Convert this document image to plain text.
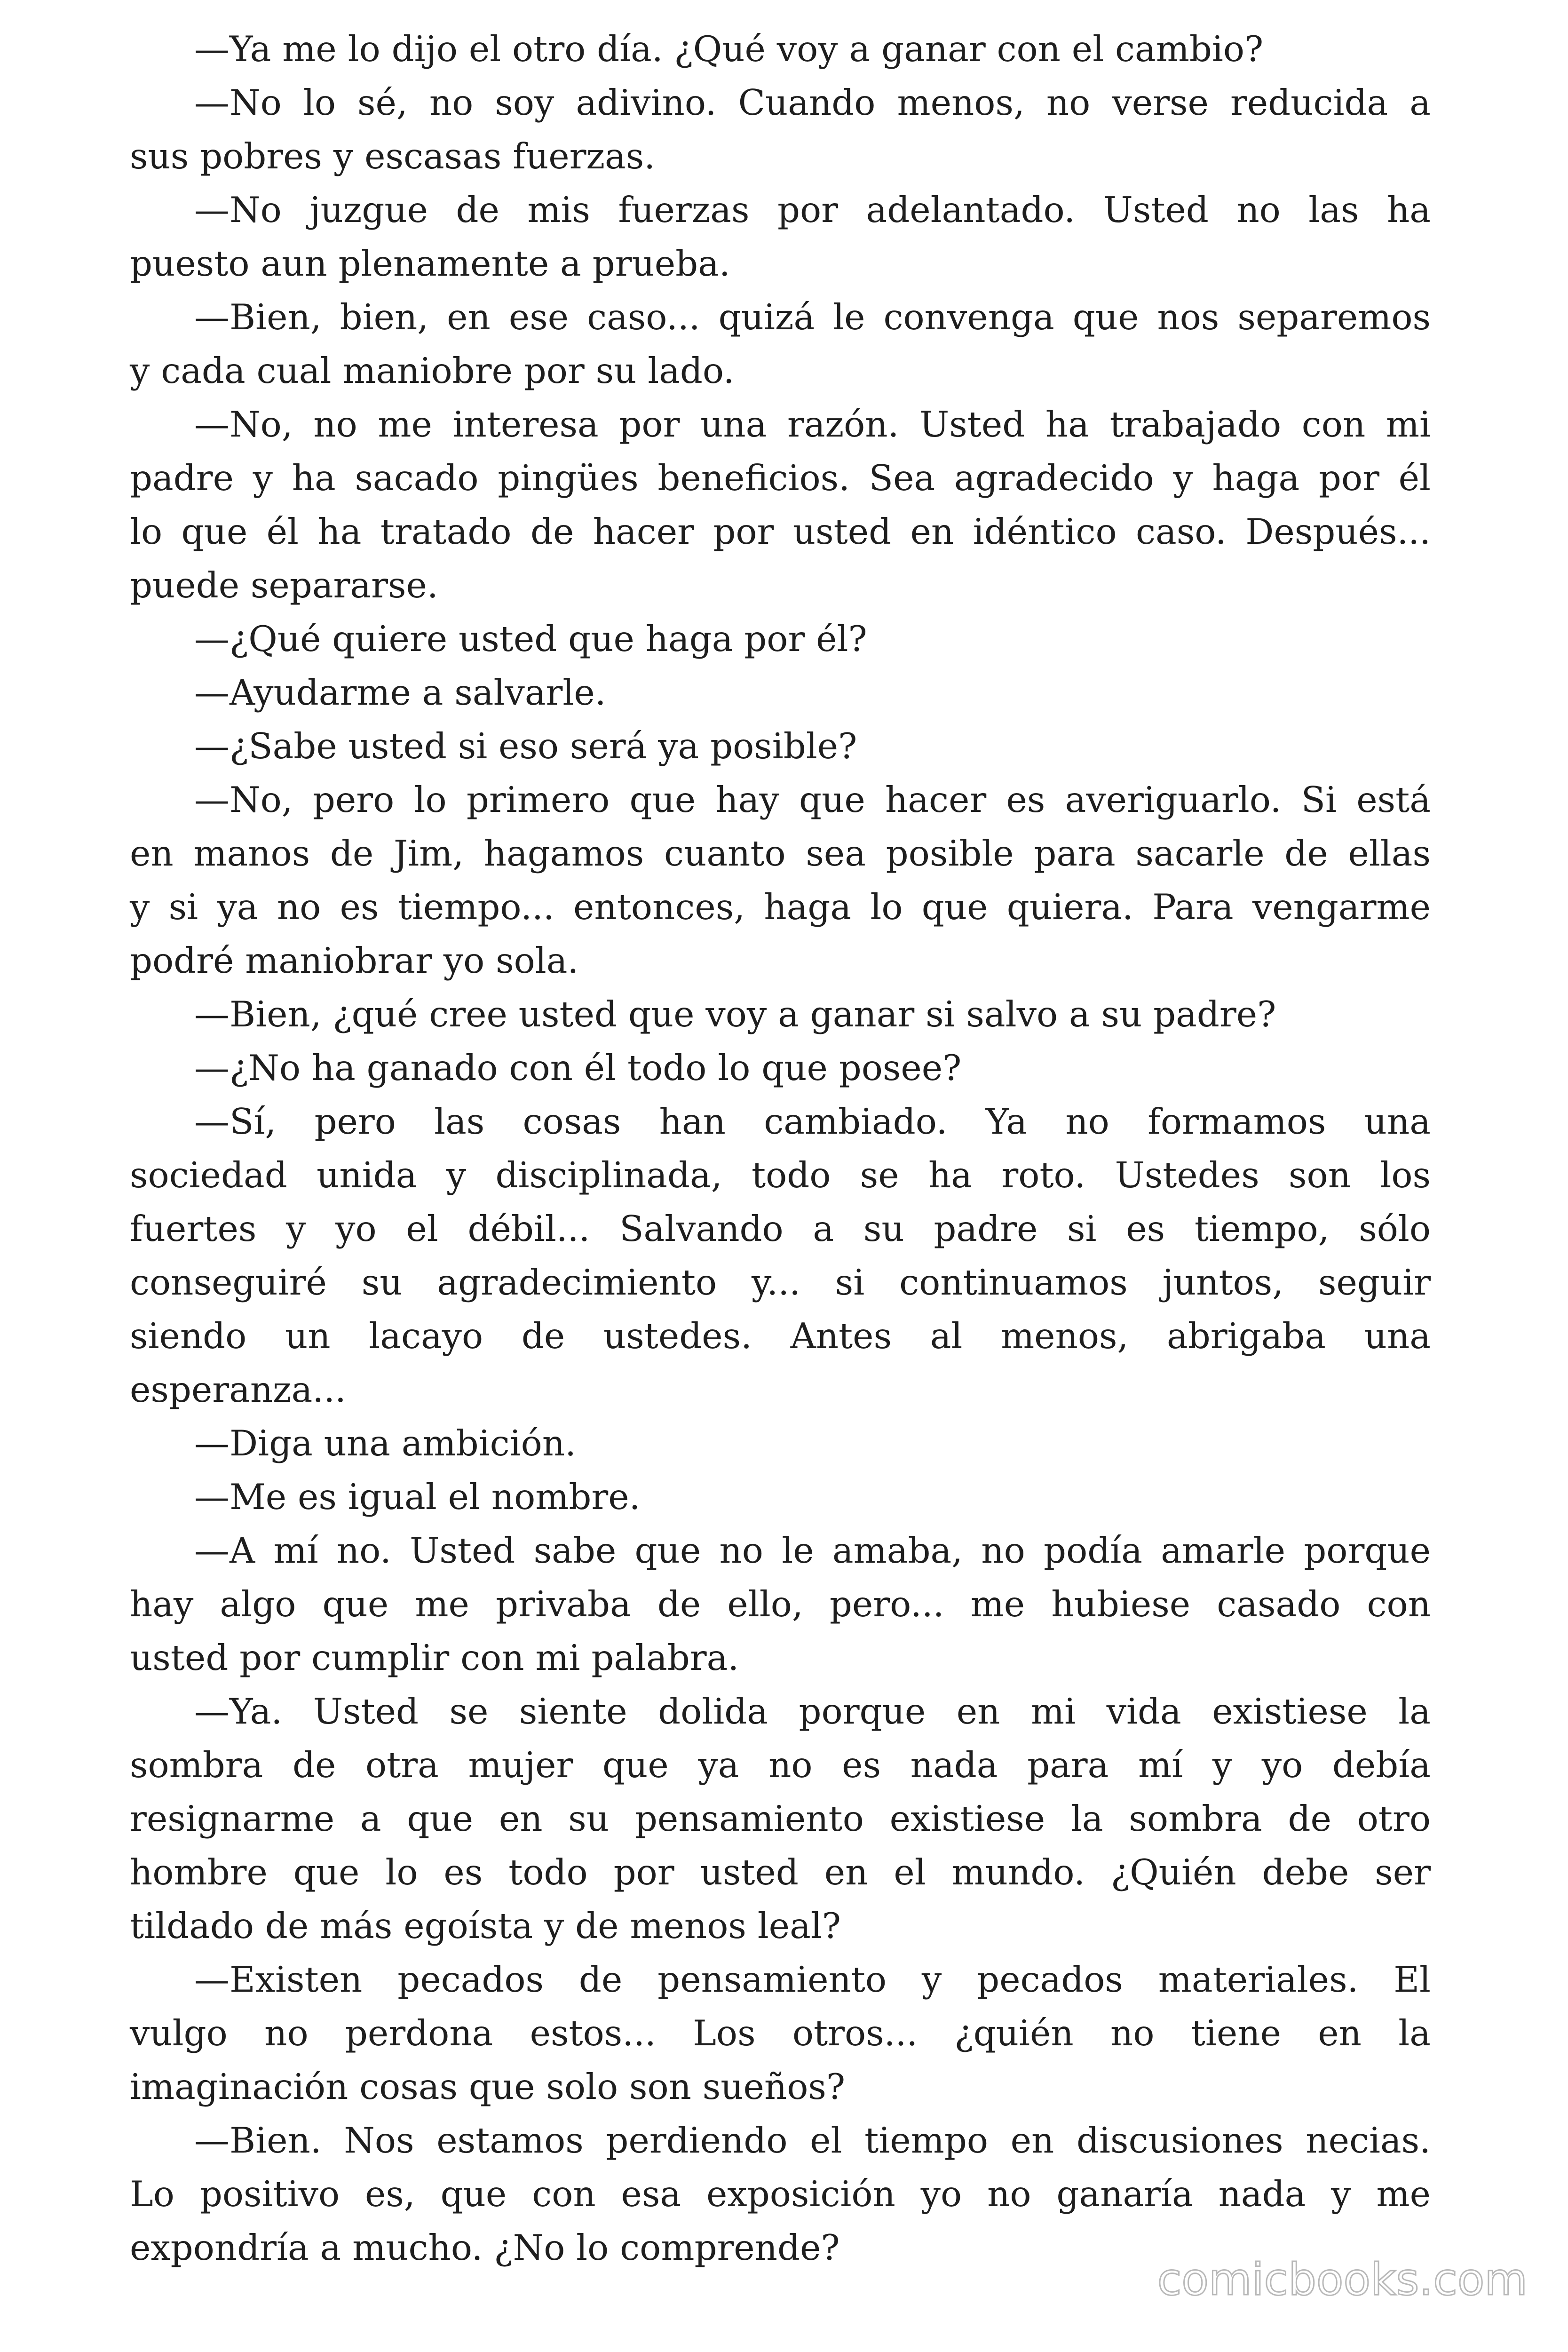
—Ya me lo dijo el otro día. ¿Qué voy a ganar con el cambio?

—No lo sé, no soy adivino. Cuando menos, no verse reducida a
sus pobres y escasas fuerzas.

—No juzgue de mis fuerzas por adelantado. Usted no las ha
puesto aun plenamente a prueba.

—Bien, bien, en ese caso... quizá le convenga que nos separemos
y cada cual maniobre por su lado.

—No, no me interesa por una razón. Usted ha trabajado con mi
padre y ha sacado pingües beneficios. Sea agradecido y haga por él
lo que él ha tratado de hacer por usted en idéntico caso. Después...
puede separarse.

—¿Qué quiere usted que haga por él?

—Ayudarme a salvarle.

—¿Sabe usted si eso será ya posible?

—No, pero lo primero que hay que hacer es averiguarlo. Si está
en manos de Jim, hagamos cuanto sea posible para sacarle de ellas
y si ya no es tiempo... entonces, haga lo que quiera. Para vengarme
podré maniobrar yo sola.

—Bien, ¿qué cree usted que voy a ganar si salvo a su padre?

—¿No ha ganado con él todo lo que posee?

—Sí, pero las cosas han cambiado. Ya no formamos una
sociedad unida y disciplinada, todo se ha roto. Ustedes son los
fuertes y yo el débil... Salvando a su padre si es tiempo, sólo
conseguiré su agradecimiento y... si continuamos juntos, seguir
siendo un lacayo de ustedes. Antes al menos, abrigaba una
esperanza...

—Diga una ambición.

—Me es igual el nombre.

—A mí no. Usted sabe que no le amaba, no podía amarle porque
hay algo que me privaba de ello, pero... me hubiese casado con
usted por cumplir con mi palabra.

—Ya. Usted se siente dolida porque en mi vida existiese la
sombra de otra mujer que ya no es nada para mí y yo debía
resignarme a que en su pensamiento existiese la sombra de otro
hombre que lo es todo por usted en el mundo. ¿Quién debe ser
tildado de más egoísta y de menos leal?

—Existen pecados de pensamiento y pecados materiales. El
vulgo no perdona estos... Los otros... ¿quién no tiene en la
imaginación cosas que solo son sueños?

—Bien. Nos estamos perdiendo el tiempo en discusiones necias.
Lo positivo es, que con esa exposición yo no ganaría nada y me
expondría a mucho. ¿No lo comprende?

comicbooks.com
